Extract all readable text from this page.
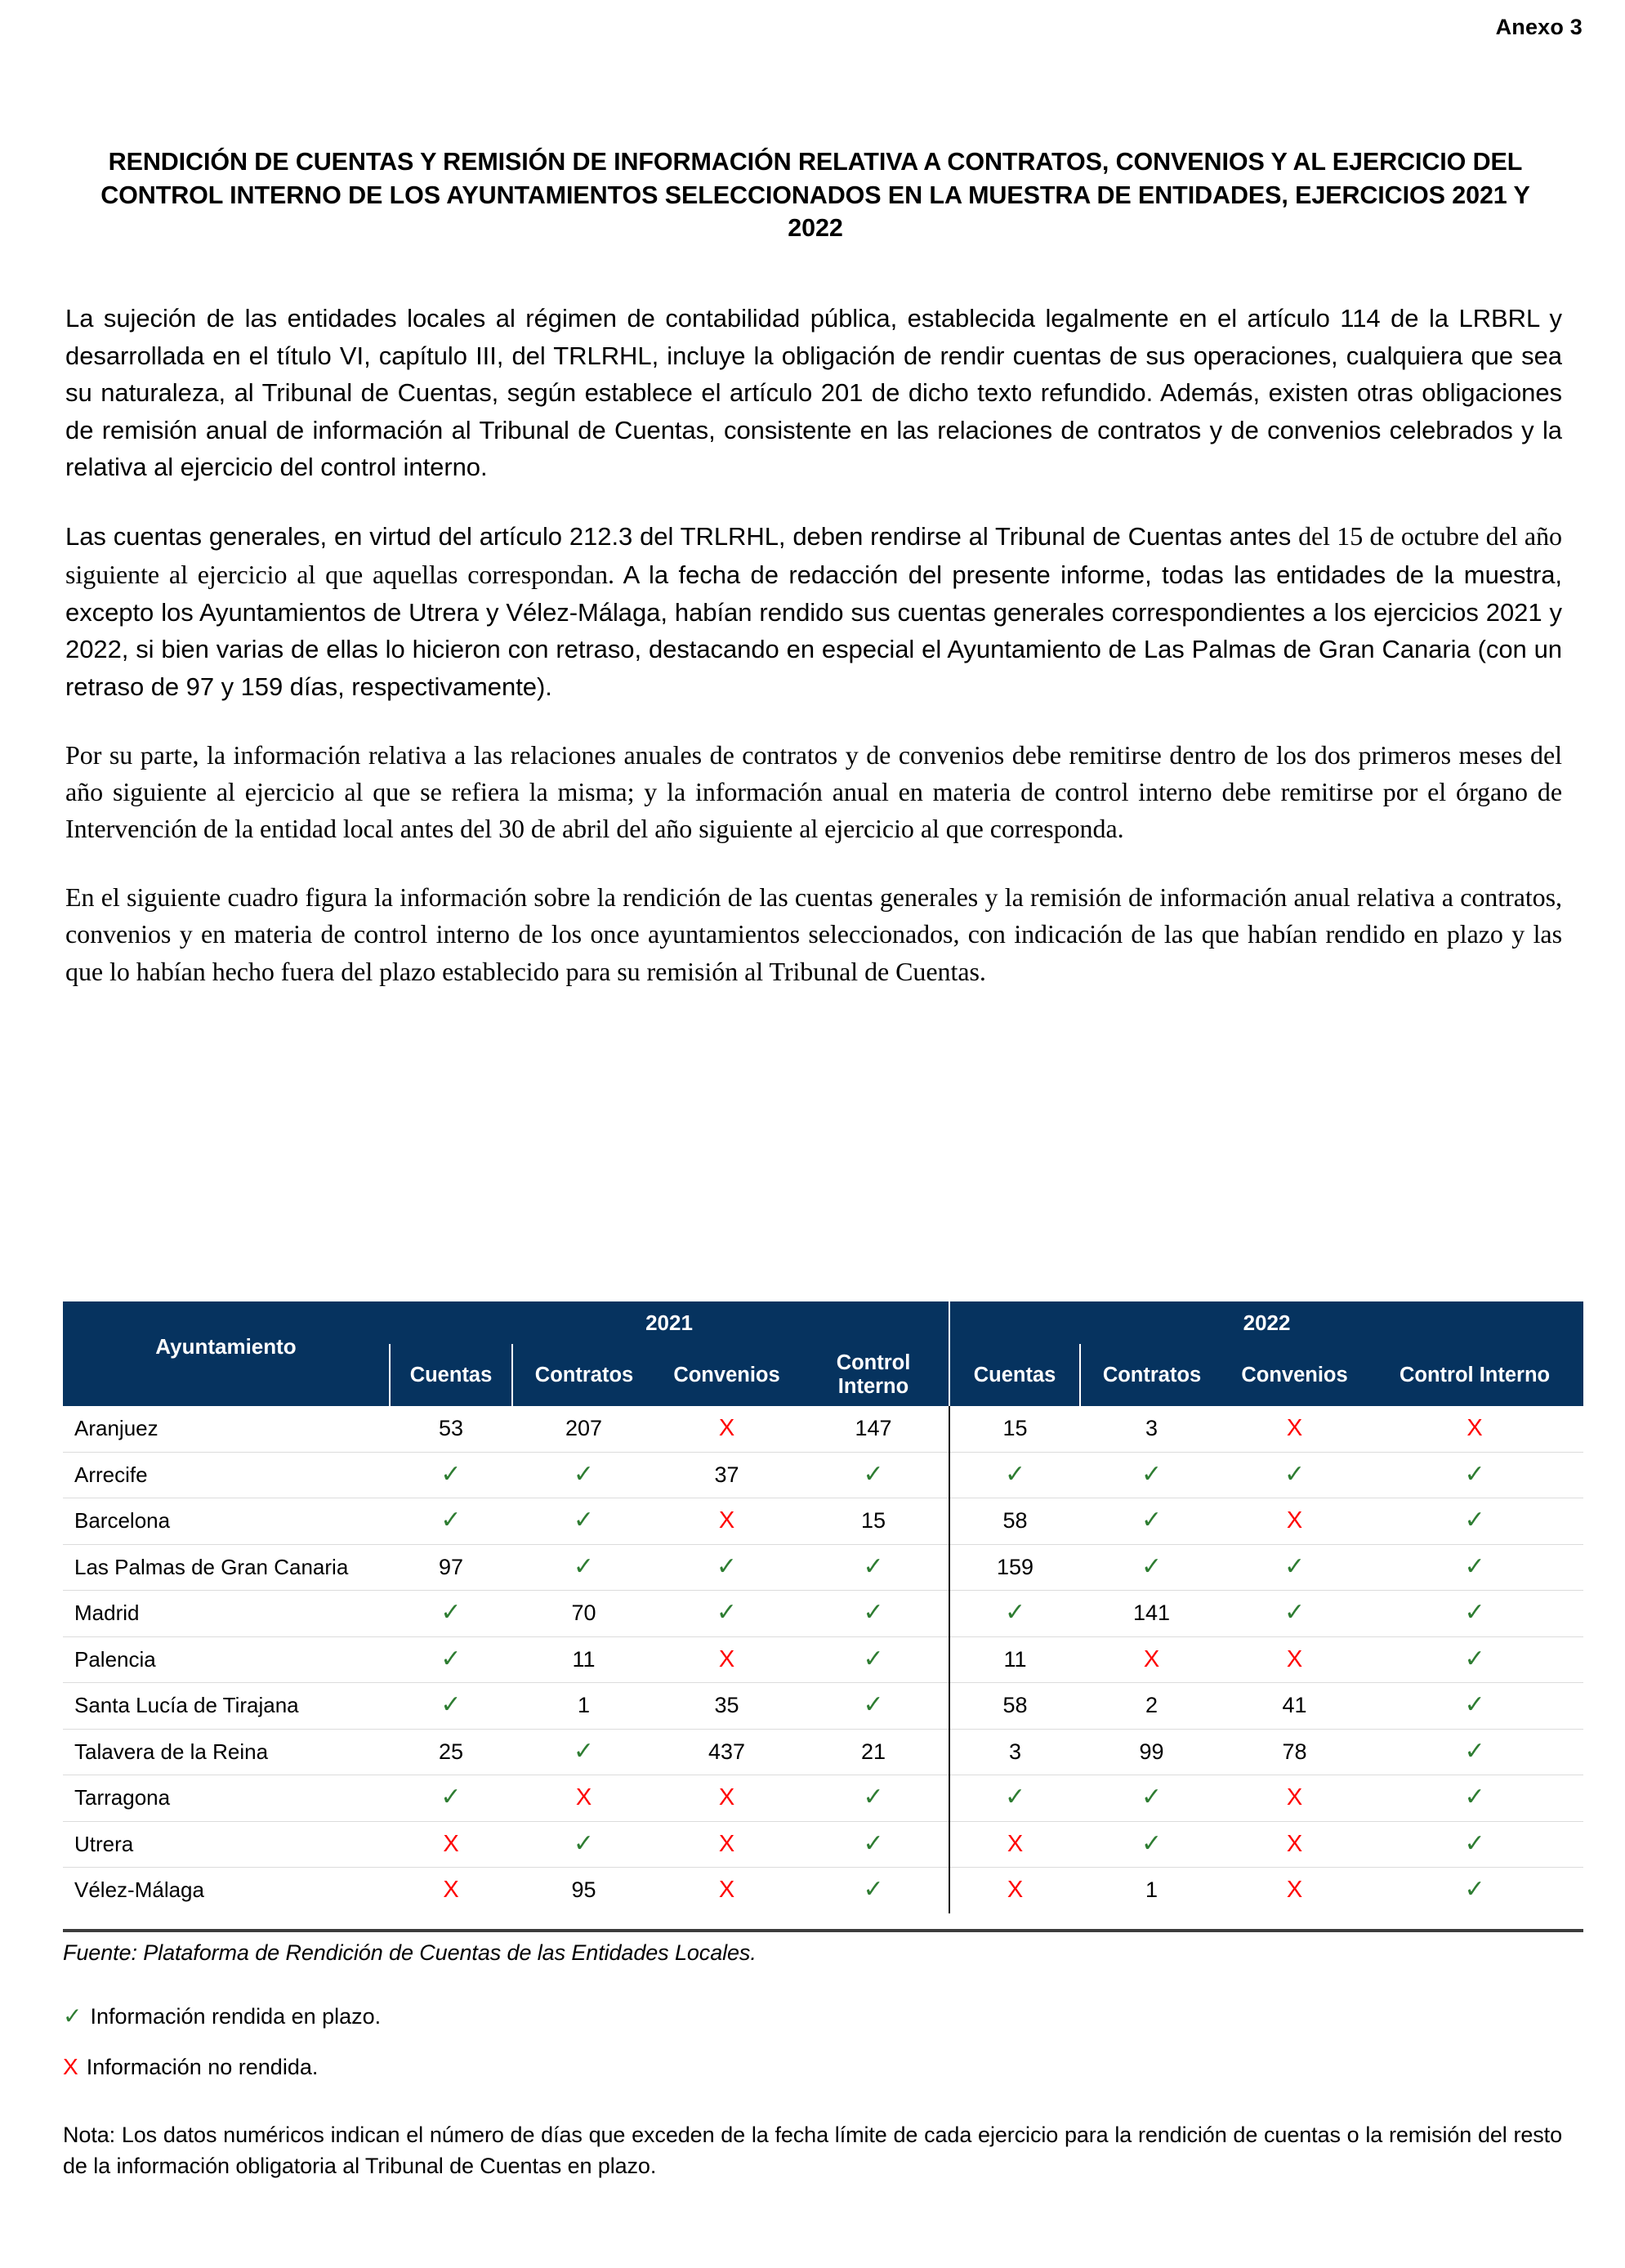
Anexo 3
RENDICIÓN DE CUENTAS Y REMISIÓN DE INFORMACIÓN RELATIVA A CONTRATOS, CONVENIOS Y AL EJERCICIO DEL CONTROL INTERNO DE LOS AYUNTAMIENTOS SELECCIONADOS EN LA MUESTRA DE ENTIDADES, EJERCICIOS 2021 Y 2022

La sujeción de las entidades locales al régimen de contabilidad pública, establecida legalmente en el artículo 114 de la LRBRL y desarrollada en el título VI, capítulo III, del TRLRHL, incluye la obligación de rendir cuentas de sus operaciones, cualquiera que sea su naturaleza, al Tribunal de Cuentas, según establece el artículo 201 de dicho texto refundido. Además, existen otras obligaciones de remisión anual de información al Tribunal de Cuentas, consistente en las relaciones de contratos y de convenios celebrados y la relativa al ejercicio del control interno.

Las cuentas generales, en virtud del artículo 212.3 del TRLRHL, deben rendirse al Tribunal de Cuentas antes del 15 de octubre del año siguiente al ejercicio al que aquellas correspondan. A la fecha de redacción del presente informe, todas las entidades de la muestra, excepto los Ayuntamientos de Utrera y Vélez-Málaga, habían rendido sus cuentas generales correspondientes a los ejercicios 2021 y 2022, si bien varias de ellas lo hicieron con retraso, destacando en especial el Ayuntamiento de Las Palmas de Gran Canaria (con un retraso de 97 y 159 días, respectivamente).

Por su parte, la información relativa a las relaciones anuales de contratos y de convenios debe remitirse dentro de los dos primeros meses del año siguiente al ejercicio al que se refiera la misma; y la información anual en materia de control interno debe remitirse por el órgano de Intervención de la entidad local antes del 30 de abril del año siguiente al ejercicio al que corresponda.

En el siguiente cuadro figura la información sobre la rendición de las cuentas generales y la remisión de información anual relativa a contratos, convenios y en materia de control interno de los once ayuntamientos seleccionados, con indicación de las que habían rendido en plazo y las que lo habían hecho fuera del plazo establecido para su remisión al Tribunal de Cuentas.

Ayuntamiento	2021				2022			
	Cuentas	Contratos	Convenios	Control Interno	Cuentas	Contratos	Convenios	Control Interno
Aranjuez	53	207	X	147	15	3	X	X
Arrecife	✓	✓	37	✓	✓	✓	✓	✓
Barcelona	✓	✓	X	15	58	✓	X	✓
Las Palmas de Gran Canaria	97	✓	✓	✓	159	✓	✓	✓
Madrid	✓	70	✓	✓	✓	141	✓	✓
Palencia	✓	11	X	✓	11	X	X	✓
Santa Lucía de Tirajana	✓	1	35	✓	58	2	41	✓
Talavera de la Reina	25	✓	437	21	3	99	78	✓
Tarragona	✓	X	X	✓	✓	✓	X	✓
Utrera	X	✓	X	✓	X	✓	X	✓
Vélez-Málaga	X	95	X	✓	X	1	X	✓
Fuente: Plataforma de Rendición de Cuentas de las Entidades Locales.
✓ Información rendida en plazo.
X Información no rendida.
Nota: Los datos numéricos indican el número de días que exceden de la fecha límite de cada ejercicio para la rendición de cuentas o la remisión del resto de la información obligatoria al Tribunal de Cuentas en plazo.
